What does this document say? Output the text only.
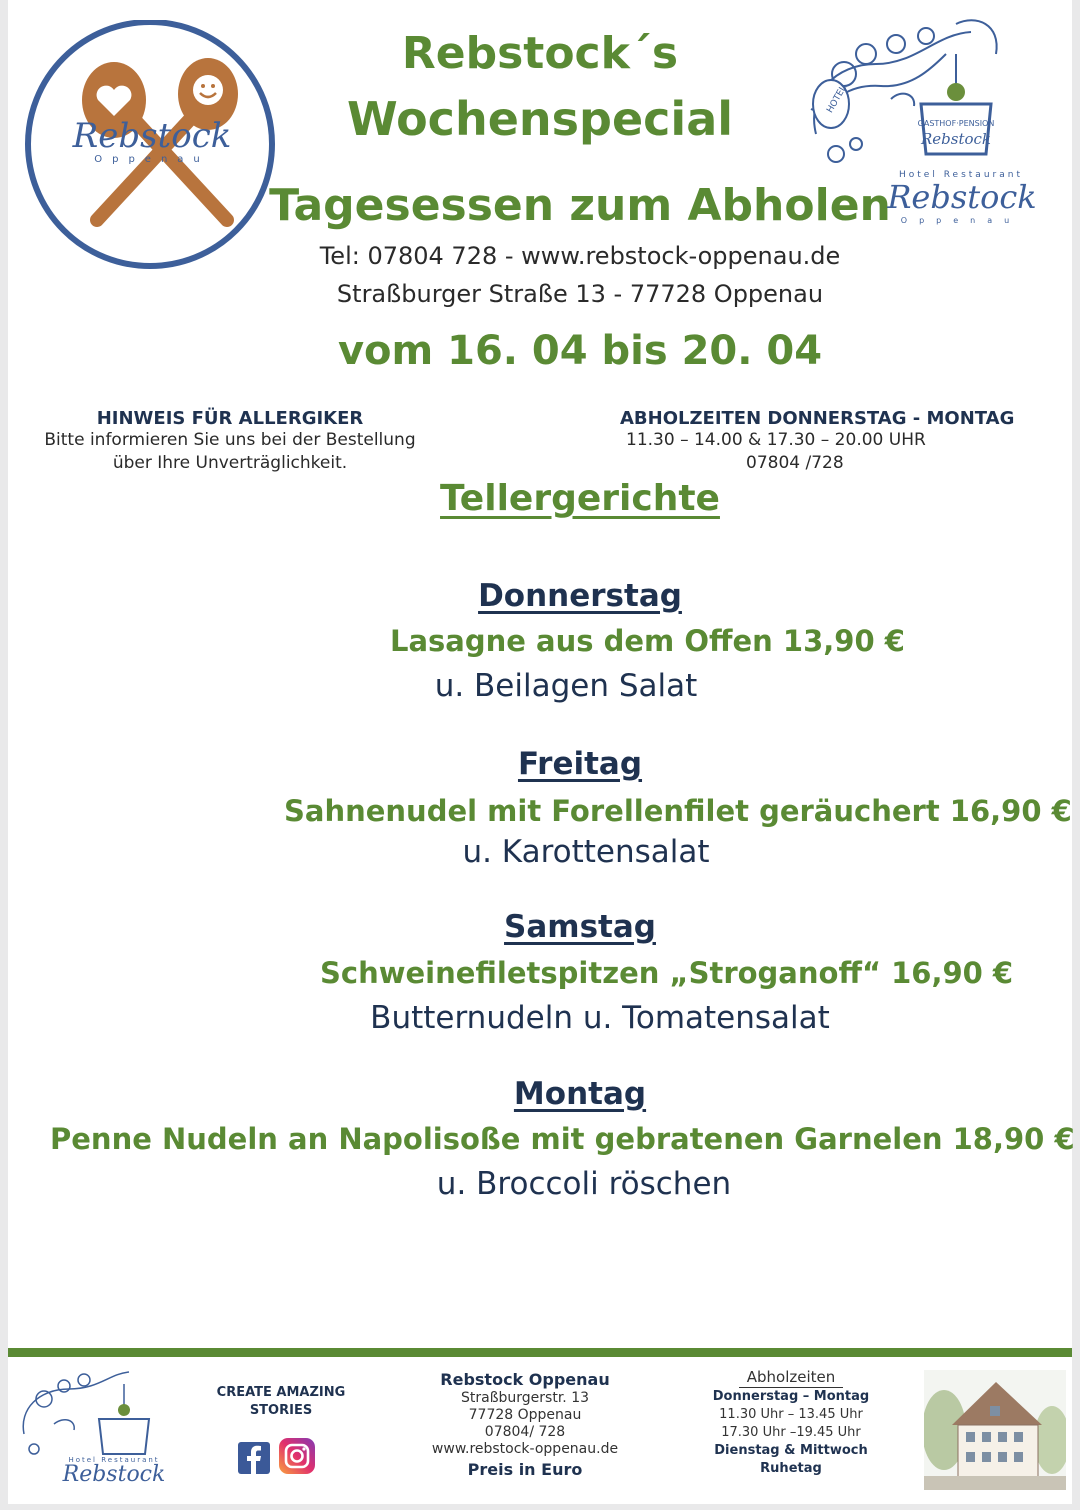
Rebstock
Oppenau
Rebstock´s
Wochenspecial
Tagesessen zum Abholen
Tel: 07804 728 - www.rebstock-oppenau.de
Straßburger Straße 13 - 77728 Oppenau
vom 16. 04 bis 20. 04
HOTEL
GASTHOF·PENSION
Rebstock
Hotel Restaurant
Rebstock
Oppenau
HINWEIS FÜR ALLERGIKER
Bitte informieren Sie uns bei der Bestellung
über Ihre Unverträglichkeit.
ABHOLZEITEN DONNERSTAG - MONTAG
11.30 – 14.00 & 17.30 – 20.00 UHR
07804 /728
Tellergerichte
Donnerstag
Lasagne aus dem Offen 13,90 €
u. Beilagen Salat
Freitag
Sahnenudel mit Forellenfilet geräuchert 16,90 €
u. Karottensalat
Samstag
Schweinefiletspitzen „Stroganoff“ 16,90 €
Butternudeln u. Tomatensalat
Montag
Penne Nudeln an Napolisoße mit gebratenen Garnelen 18,90 €
u. Broccoli röschen
Hotel Restaurant
Rebstock
CREATE AMAZING
STORIES

Rebstock Oppenau
Straßburgerstr. 13
77728 Oppenau
07804/ 728
www.rebstock-oppenau.de
Preis in Euro
Abholzeiten
Donnerstag – Montag
11.30 Uhr – 13.45 Uhr
17.30 Uhr –19.45 Uhr
Dienstag & Mittwoch
Ruhetag
